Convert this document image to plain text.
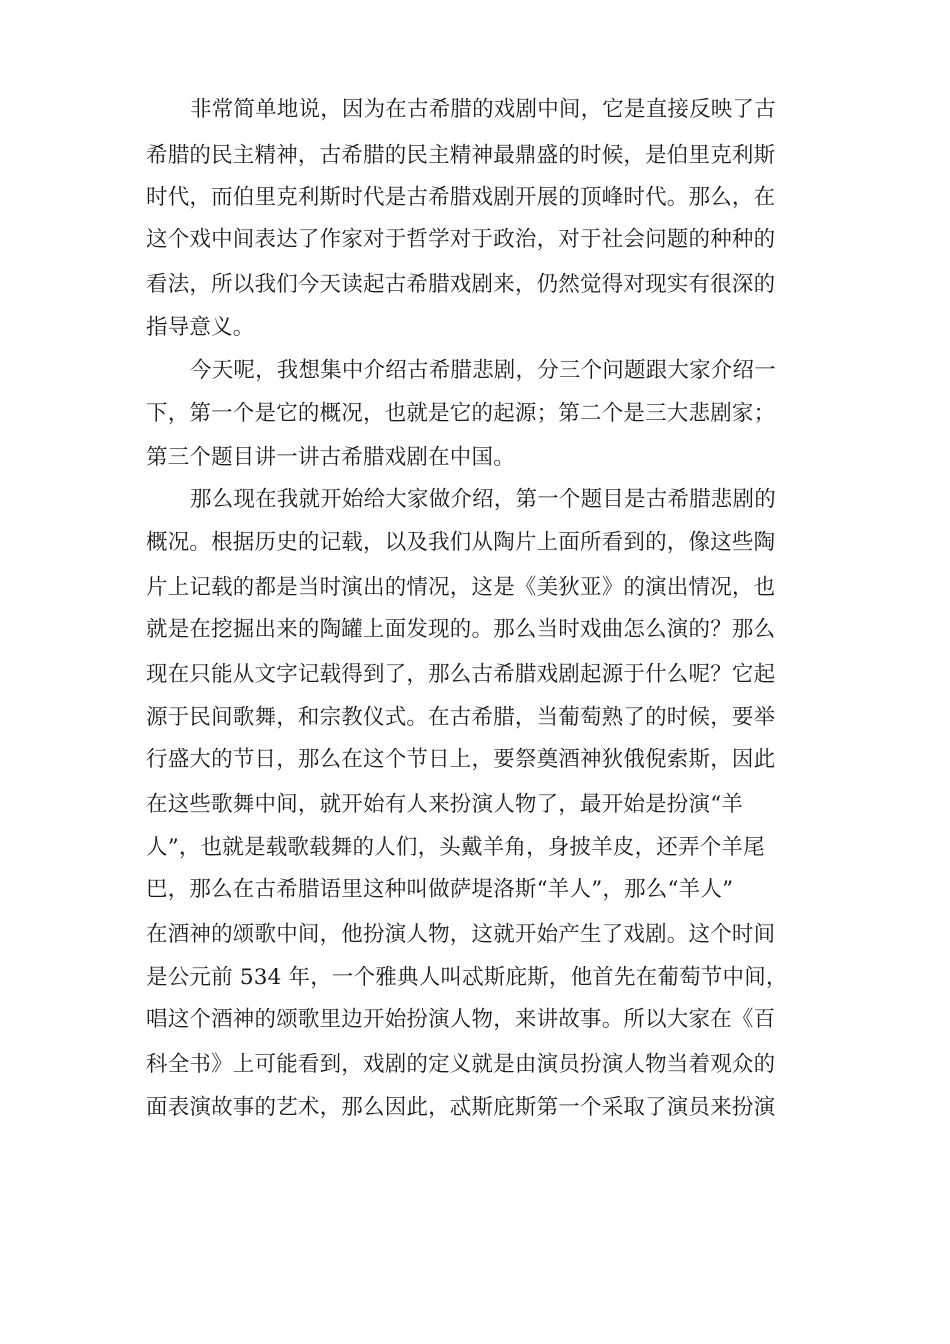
非常简单地说，因为在古希腊的戏剧中间，它是直接反映了古
希腊的民主精神，古希腊的民主精神最鼎盛的时候，是伯里克利斯
时代，而伯里克利斯时代是古希腊戏剧开展的顶峰时代。那么，在
这个戏中间表达了作家对于哲学对于政治，对于社会问题的种种的
看法，所以我们今天读起古希腊戏剧来，仍然觉得对现实有很深的
指导意义。
今天呢，我想集中介绍古希腊悲剧，分三个问题跟大家介绍一
下，第一个是它的概况，也就是它的起源；第二个是三大悲剧家；
第三个题目讲一讲古希腊戏剧在中国。
那么现在我就开始给大家做介绍，第一个题目是古希腊悲剧的
概况。根据历史的记载，以及我们从陶片上面所看到的，像这些陶
片上记载的都是当时演出的情况，这是《美狄亚》的演出情况，也
就是在挖掘出来的陶罐上面发现的。那么当时戏曲怎么演的？那么
现在只能从文字记载得到了，那么古希腊戏剧起源于什么呢？它起
源于民间歌舞，和宗教仪式。在古希腊，当葡萄熟了的时候，要举
行盛大的节日，那么在这个节日上，要祭奠酒神狄俄倪索斯，因此
在这些歌舞中间，就开始有人来扮演人物了，最开始是扮演“羊
人”，也就是载歌载舞的人们，头戴羊角，身披羊皮，还弄个羊尾
巴，那么在古希腊语里这种叫做萨堤洛斯“羊人”，那么“羊人”
在酒神的颂歌中间，他扮演人物，这就开始产生了戏剧。这个时间
是公元前 534 年，一个雅典人叫忒斯庇斯，他首先在葡萄节中间，
唱这个酒神的颂歌里边开始扮演人物，来讲故事。所以大家在《百
科全书》上可能看到，戏剧的定义就是由演员扮演人物当着观众的
面表演故事的艺术，那么因此，忒斯庇斯第一个采取了演员来扮演
